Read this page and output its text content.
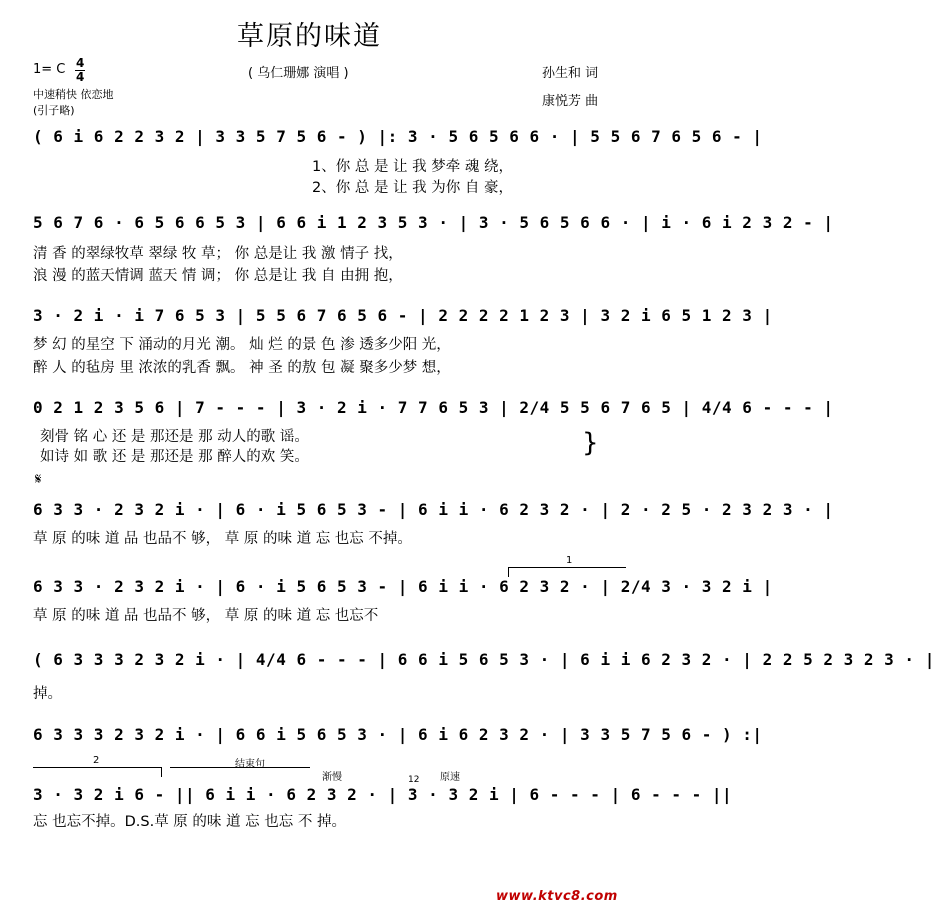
草原的味道
1= C 4
4	( 乌仁珊娜 演唱 )	孙生和 词
康悦芳 曲
中速稍快 依恋地
(引子略)
( 6 i 6 2 2 3 2 | 3 3 5 7 5 6 - ) |: 3 · 5 6 5 6 6 · | 5 5 6 7 6 5 6 - |
1、你 总 是 让 我 梦牵 魂 绕，
2、你 总 是 让 我 为你 自 豪，
5 6 7 6 · 6 5 6 6 5 3 | 6 6 i 1 2 3 5 3 · | 3 · 5 6 5 6 6 · | i · 6 i 2 3 2 - |
清 香 的翠绿牧草 翠绿 牧 草； 你 总是让 我 激 情子 找，
浪 漫 的蓝天情调 蓝天 情 调； 你 总是让 我 自 由拥 抱，
3 · 2 i · i 7 6 5 3 | 5 5 6 7 6 5 6 - | 2 2 2 2 1 2 3 | 3 2 i 6 5 1 2 3 |
梦 幻 的星空 下 涌动的月光 潮。 灿 烂 的景 色 渗 透多少阳 光，
醉 人 的毡房 里 浓浓的乳香 飘。 神 圣 的敖 包 凝 聚多少梦 想，
0 2 1 2 3 5 6 | 7 - - - | 3 · 2 i · 7 7 6 5 3 | 2/4 5 5 6 7 6 5 | 4/4 6 - - - |
刻骨 铭 心 还 是 那还是 那 动人的歌 谣。
如诗 如 歌 还 是 那还是 那 醉人的欢 笑。	}
𝄋
6 3 3 · 2 3 2 i · | 6 · i 5 6 5 3 - | 6 i i · 6 2 3 2 · | 2 · 2 5 · 2 3 2 3 · |
草 原 的味 道 品 也品不 够， 草 原 的味 道 忘 也忘 不掉。
1
6 3 3 · 2 3 2 i · | 6 · i 5 6 5 3 - | 6 i i · 6 2 3 2 · | 2/4 3 · 3 2 i |
草 原 的味 道 品 也品不 够， 草 原 的味 道 忘 也忘不
( 6 3 3 3 2 3 2 i · | 4/4 6 - - - | 6 6 i 5 6 5 3 · | 6 i i 6 2 3 2 · | 2 2 5 2 3 2 3 · |
掉。
6 3 3 3 2 3 2 i · | 6 6 i 5 6 5 3 · | 6 i 6 2 3 2 · | 3 3 5 7 5 6 - ) :|
2	结束句
渐慢	原速
12
3 · 3 2 i 6 - || 6 i i · 6 2 3 2 · | 3 · 3 2 i | 6 - - - | 6 - - - ||
忘 也忘不掉。D.S.草 原 的味 道 忘 也忘 不 掉。
www.ktvc8.com
